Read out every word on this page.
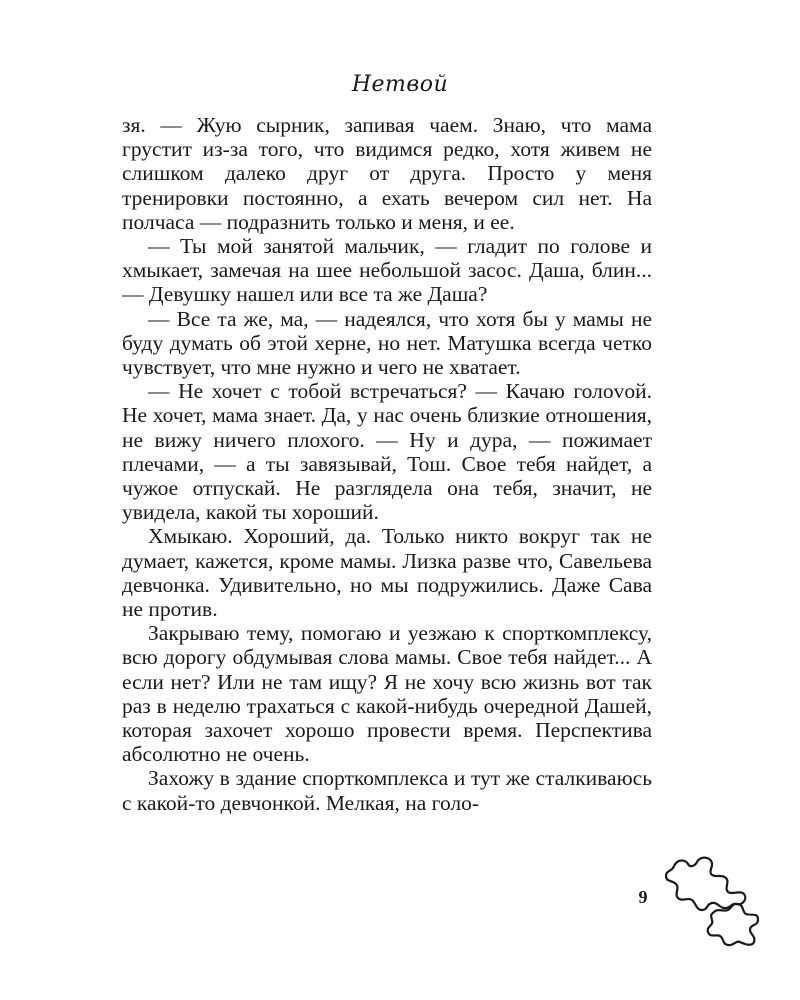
Нетвой

зя. — Жую сырник, запивая чаем. Знаю, что мама грустит из-за того, что видимся редко, хотя живем не слишком далеко друг от друга. Просто у меня тренировки постоянно, а ехать вечером сил нет. На полчаса — подразнить только и меня, и ее.

— Ты мой занятой мальчик, — гладит по голове и хмыкает, замечая на шее небольшой засос. Даша, блин... — Девушку нашел или все та же Даша?

— Все та же, ма, — надеялся, что хотя бы у мамы не буду думать об этой херне, но нет. Матушка всегда четко чувствует, что мне нужно и чего не хватает.

— Не хочет с тобой встречаться? — Качаю голоvой. Не хочет, мама знает. Да, у нас очень близкие отношения, не вижу ничего плохого. — Ну и дура, — пожимает плечами, — а ты завязывай, Тош. Свое тебя найдет, а чужое отпускай. Не разглядела она тебя, значит, не увидела, какой ты хороший.

Хмыкаю. Хороший, да. Только никто вокруг так не думает, кажется, кроме мамы. Лизка разве что, Савельева девчонка. Удивительно, но мы подружились. Даже Сава не против.

Закрываю тему, помогаю и уезжаю к спорткомплексу, всю дорогу обдумывая слова мамы. Свое тебя найдет... А если нет? Или не там ищу? Я не хочу всю жизнь вот так раз в неделю трахаться с какой-нибудь очередной Дашей, которая захочет хорошо провести время. Перспектива абсолютно не очень.

Захожу в здание спорткомплекса и тут же сталкиваюсь с какой-то девчонкой. Мелкая, на голо-

9
